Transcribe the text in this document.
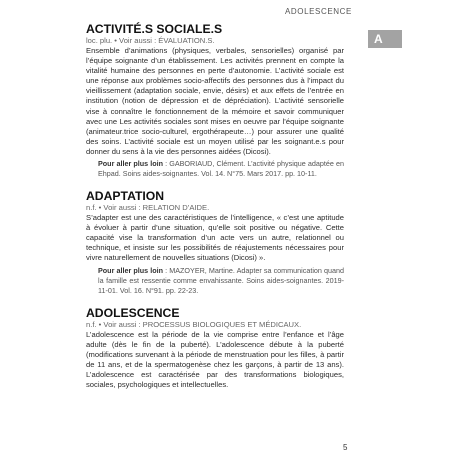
ADOLESCENCE
A
ACTIVITÉ.S SOCIALE.S
loc. plu. • Voir aussi : ÉVALUATION.S.

Ensemble d’animations (physiques, verbales, sensorielles) organisé par l’équipe soignante d’un établissement. Les activités prennent en compte la vitalité humaine des personnes en perte d’autonomie. L’activité sociale est une réponse aux problèmes socio-affectifs des personnes dus à l’impact du vieillissement (adaptation sociale, envie, désirs) et aux effets de l’entrée en institution (notion de dépression et de dépréciation). L’activité sensorielle vise à connaître le fonctionnement de la mémoire et savoir communiquer avec une Les activités sociales sont mises en oeuvre par l’équipe soignante (animateur.trice socio-culturel, ergothérapeute…) pour assurer une qualité des soins. L’activité sociale est un moyen utilisé par les soignant.e.s pour donner du sens à la vie des personnes aidées (Dicosi).

Pour aller plus loin : GABORIAUD, Clément. L’activité physique adaptée en Ehpad. Soins aides-soignantes. Vol. 14. N°75. Mars 2017. pp. 10-11.
ADAPTATION
n.f. • Voir aussi : RELATION D’AIDE.

S’adapter est une des caractéristiques de l’intelligence, « c’est une aptitude à évoluer à partir d’une situation, qu’elle soit positive ou négative. Cette capacité vise la transformation d’un acte vers un autre, relationnel ou technique, et insiste sur les possibilités de réajustements nécessaires pour vivre naturellement de nouvelles situations (Dicosi) ».

Pour aller plus loin : MAZOYER, Martine. Adapter sa communication quand la famille est ressentie comme envahissante. Soins aides-soignantes. 2019-11-01. Vol. 16. N°91. pp. 22-23.
ADOLESCENCE
n.f. • Voir aussi : PROCESSUS BIOLOGIQUES ET MÉDICAUX.

L’adolescence est la période de la vie comprise entre l’enfance et l’âge adulte (dès le fin de la puberté). L’adolescence débute à la puberté (modifications survenant à la période de menstruation pour les filles, à partir de 11 ans, et de la spermatogenèse chez les garçons, à partir de 13 ans). L’adolescence est caractérisée par des transformations biologiques, sociales, psychologiques et intellectuelles.

5
